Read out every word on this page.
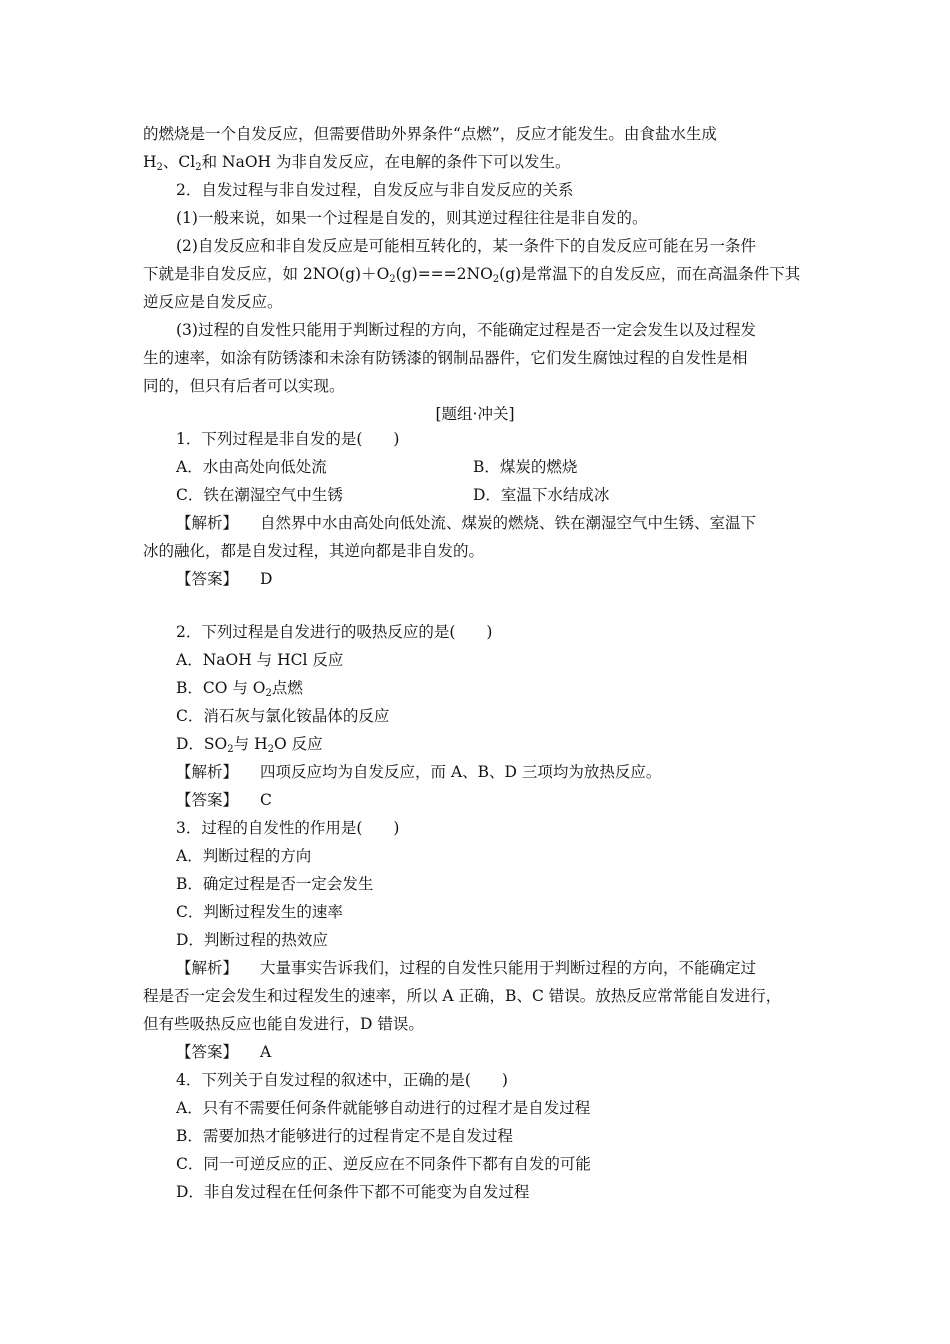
的燃烧是一个自发反应，但需要借助外界条件“点燃”，反应才能发生。由食盐水生成
$H_2$、$Cl_2$和 NaOH 为非自发反应，在电解的条件下可以发生。
2．自发过程与非自发过程，自发反应与非自发反应的关系
(1)一般来说，如果一个过程是自发的，则其逆过程往往是非自发的。
(2)自发反应和非自发反应是可能相互转化的，某一条件下的自发反应可能在另一条件
下就是非自发反应，如 $2NO(g)+O_2(g)===2NO_2(g)$是常温下的自发反应，而在高温条件下其
逆反应是自发反应。
(3)过程的自发性只能用于判断过程的方向，不能确定过程是否一定会发生以及过程发
生的速率，如涂有防锈漆和未涂有防锈漆的钢制品器件，它们发生腐蚀过程的自发性是相
同的，但只有后者可以实现。
[题组·冲关]
1．下列过程是非自发的是(　　)
A．水由高处向低处流	B．煤炭的燃烧
C．铁在潮湿空气中生锈	D．室温下水结成冰
【解析】 自然界中水由高处向低处流、煤炭的燃烧、铁在潮湿空气中生锈、室温下
冰的融化，都是自发过程，其逆向都是非自发的。
【答案】 D
2．下列过程是自发进行的吸热反应的是(　　)
A．NaOH 与 HCl 反应
B．CO 与 $O_2$点燃
C．消石灰与氯化铵晶体的反应
D．$SO_2$与 $H_2O$ 反应
【解析】 四项反应均为自发反应，而 A、B、D 三项均为放热反应。
【答案】 C
3．过程的自发性的作用是(　　)
A．判断过程的方向
B．确定过程是否一定会发生
C．判断过程发生的速率
D．判断过程的热效应
【解析】 大量事实告诉我们，过程的自发性只能用于判断过程的方向，不能确定过
程是否一定会发生和过程发生的速率，所以 A 正确，B、C 错误。放热反应常常能自发进行，
但有些吸热反应也能自发进行，D 错误。
【答案】 A
4．下列关于自发过程的叙述中，正确的是(　　)
A．只有不需要任何条件就能够自动进行的过程才是自发过程
B．需要加热才能够进行的过程肯定不是自发过程
C．同一可逆反应的正、逆反应在不同条件下都有自发的可能
D．非自发过程在任何条件下都不可能变为自发过程
